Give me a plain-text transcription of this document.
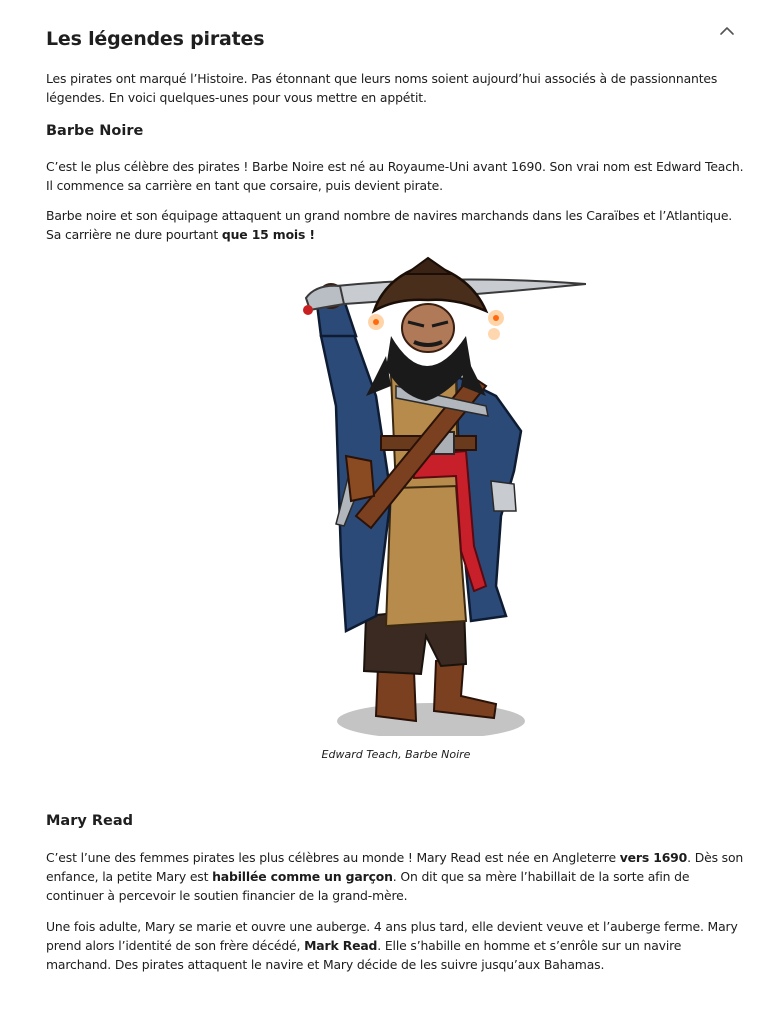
Les légendes pirates

Les pirates ont marqué l’Histoire. Pas étonnant que leurs noms soient aujourd’hui associés à de passionnantes légendes. En voici quelques-unes pour vous mettre en appétit.

Barbe Noire

C’est le plus célèbre des pirates ! Barbe Noire est né au Royaume-Uni avant 1690. Son vrai nom est Edward Teach. Il commence sa carrière en tant que corsaire, puis devient pirate.

Barbe noire et son équipage attaquent un grand nombre de navires marchands dans les Caraïbes et l’Atlantique. Sa carrière ne dure pourtant que 15 mois !

Edward Teach, Barbe Noire
Mary Read

C’est l’une des femmes pirates les plus célèbres au monde ! Mary Read est née en Angleterre vers 1690. Dès son enfance, la petite Mary est habillée comme un garçon. On dit que sa mère l’habillait de la sorte afin de continuer à percevoir le soutien financier de la grand-mère.

Une fois adulte, Mary se marie et ouvre une auberge. 4 ans plus tard, elle devient veuve et l’auberge ferme. Mary prend alors l’identité de son frère décédé, Mark Read. Elle s’habille en homme et s’enrôle sur un navire marchand. Des pirates attaquent le navire et Mary décide de les suivre jusqu’aux Bahamas.
